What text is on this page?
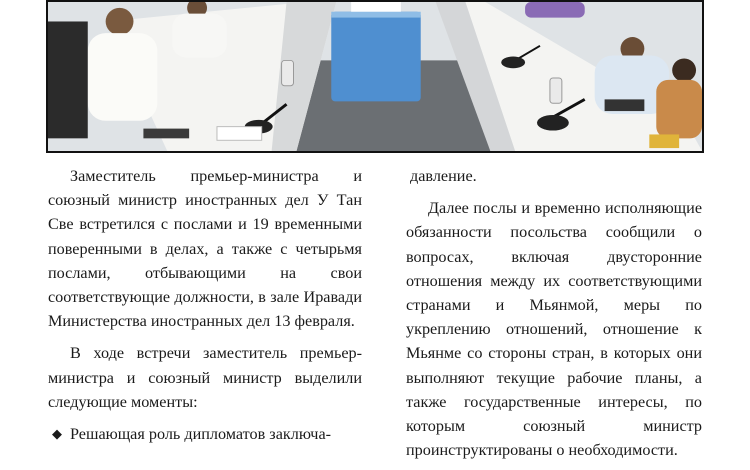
Заместитель премьер-министра и союзный министр иностранных дел У Тан Све встретился с послами и 19 временными поверенными в делах, а также с четырьмя послами, отбывающими на свои соответствующие должности, в зале Иравади Министерства иностранных дел 13 февраля.

В ходе встречи заместитель премьер-министра и союзный министр выделили следующие моменты:

◆ Решающая роль дипломатов заключа-

давление.

Далее послы и временно исполняющие обязанности посольства сообщили о вопросах, включая двусторонние отношения между их соответствующими странами и Мьянмой, меры по укреплению отношений, отношение к Мьянме со стороны стран, в которых они выполняют текущие рабочие планы, а также государственные интересы, по которым союзный министр проинструктированы о необходимости.
